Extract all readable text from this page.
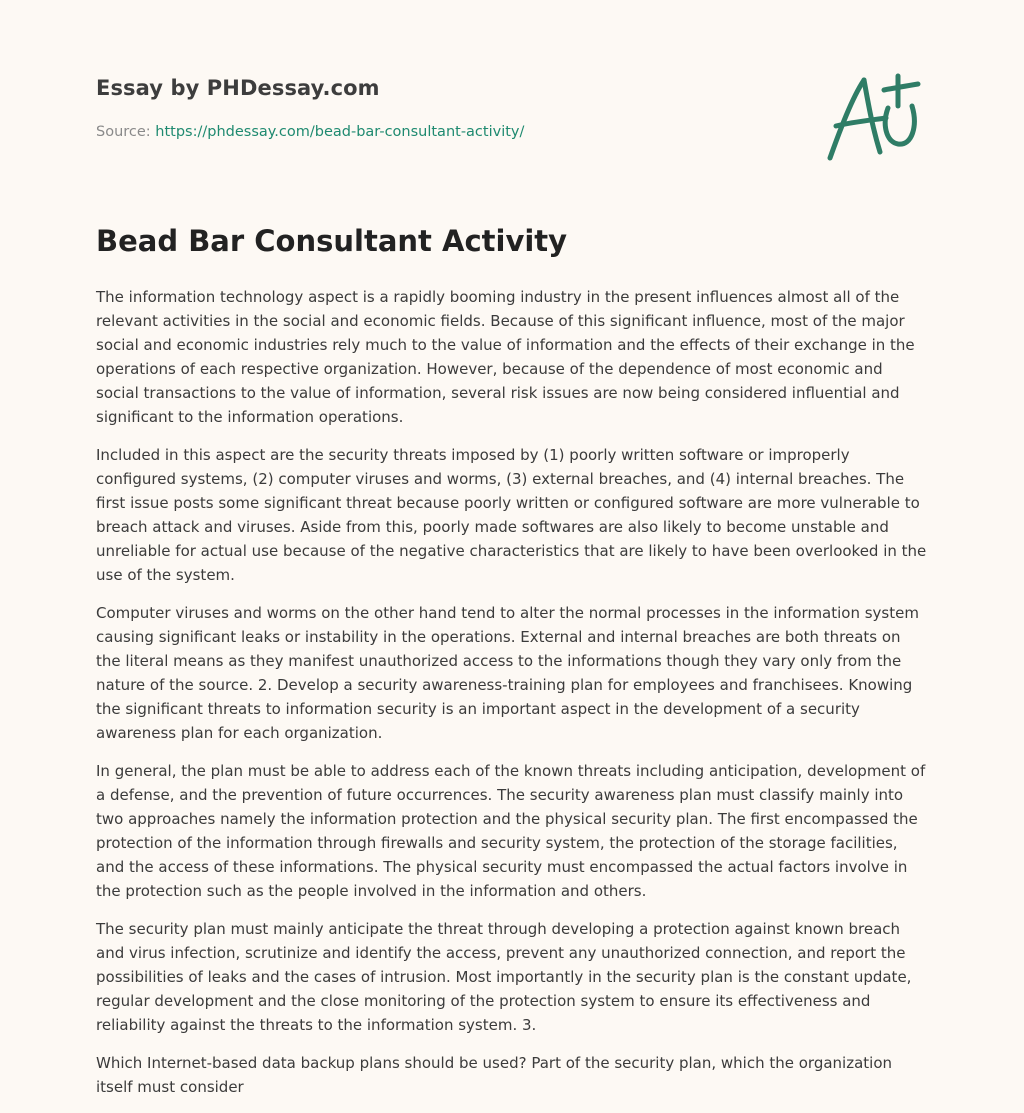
Essay by PHDessay.com
Source: https://phdessay.com/bead-bar-consultant-activity/
Bead Bar Consultant Activity

The information technology aspect is a rapidly booming industry in the present influences almost all of the relevant activities in the social and economic fields. Because of this significant influence, most of the major social and economic industries rely much to the value of information and the effects of their exchange in the operations of each respective organization. However, because of the dependence of most economic and social transactions to the value of information, several risk issues are now being considered influential and significant to the information operations.

Included in this aspect are the security threats imposed by (1) poorly written software or improperly configured systems, (2) computer viruses and worms, (3) external breaches, and (4) internal breaches. The first issue posts some significant threat because poorly written or configured software are more vulnerable to breach attack and viruses. Aside from this, poorly made softwares are also likely to become unstable and unreliable for actual use because of the negative characteristics that are likely to have been overlooked in the use of the system.

Computer viruses and worms on the other hand tend to alter the normal processes in the information system causing significant leaks or instability in the operations. External and internal breaches are both threats on the literal means as they manifest unauthorized access to the informations though they vary only from the nature of the source. 2. Develop a security awareness-training plan for employees and franchisees. Knowing the significant threats to information security is an important aspect in the development of a security awareness plan for each organization.

In general, the plan must be able to address each of the known threats including anticipation, development of a defense, and the prevention of future occurrences. The security awareness plan must classify mainly into two approaches namely the information protection and the physical security plan. The first encompassed the protection of the information through firewalls and security system, the protection of the storage facilities, and the access of these informations. The physical security must encompassed the actual factors involve in the protection such as the people involved in the information and others.

The security plan must mainly anticipate the threat through developing a protection against known breach and virus infection, scrutinize and identify the access, prevent any unauthorized connection, and report the possibilities of leaks and the cases of intrusion. Most importantly in the security plan is the constant update, regular development and the close monitoring of the protection system to ensure its effectiveness and reliability against the threats to the information system. 3.

Which Internet-based data backup plans should be used? Part of the security plan, which the organization itself must consider
